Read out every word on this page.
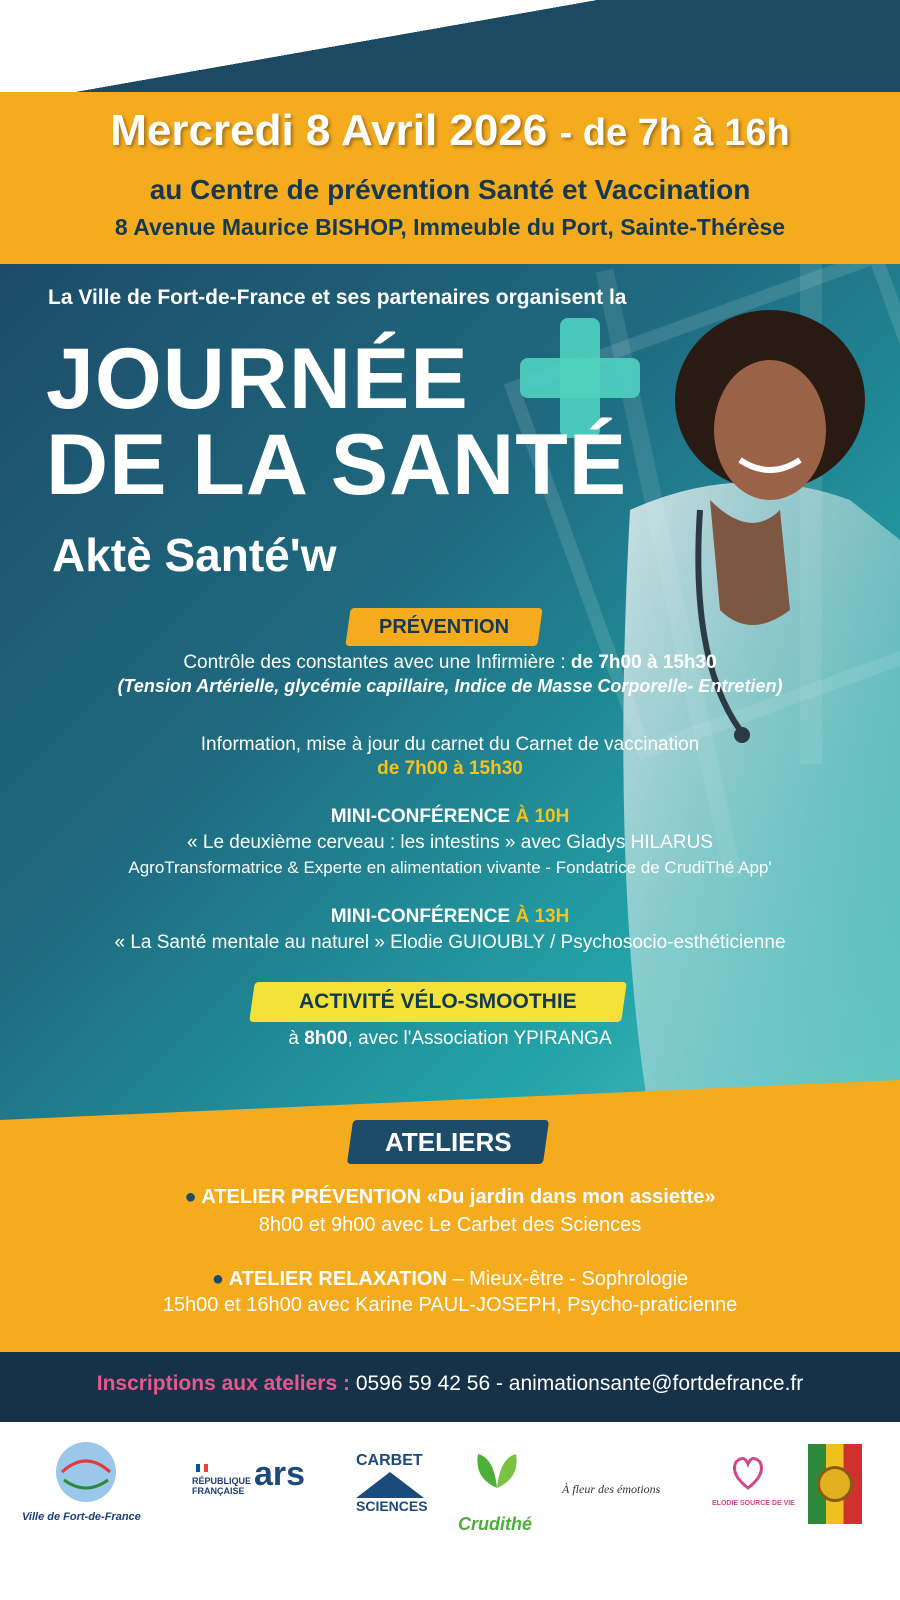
Mercredi 8 Avril 2026 - de 7h à 16h
au Centre de prévention Santé et Vaccination
8 Avenue Maurice BISHOP, Immeuble du Port, Sainte-Thérèse
La Ville de Fort-de-France et ses partenaires organisent la
JOURNÉE
DE LA SANTÉ
Aktè Santé'w
PRÉVENTION
Contrôle des constantes avec une Infirmière : de 7h00 à 15h30
(Tension Artérielle, glycémie capillaire, Indice de Masse Corporelle- Entretien)
Information, mise à jour du carnet du Carnet de vaccination
de 7h00 à 15h30
MINI-CONFÉRENCE À 10H
« Le deuxième cerveau : les intestins » avec Gladys HILARUS
AgroTransformatrice & Experte en alimentation vivante - Fondatrice de CrudiThé App'
MINI-CONFÉRENCE À 13H
« La Santé mentale au naturel » Elodie GUIOUBLY / Psychosocio-esthéticienne
ACTIVITÉ VÉLO-SMOOTHIE
à 8h00, avec l'Association YPIRANGA
ATELIERS
● ATELIER PRÉVENTION «Du jardin dans mon assiette»
8h00 et 9h00 avec Le Carbet des Sciences
● ATELIER RELAXATION – Mieux-être - Sophrologie
15h00 et 16h00 avec Karine PAUL-JOSEPH, Psycho-praticienne
Inscriptions aux ateliers : 0596 59 42 56 - animationsante@fortdefrance.fr
Ville de Fort-de-France
RÉPUBLIQUE
FRANÇAISE ars	CARBET
SCIENCES
Crudithé
À fleur des émotions
ELODIE SOURCE DE VIE
